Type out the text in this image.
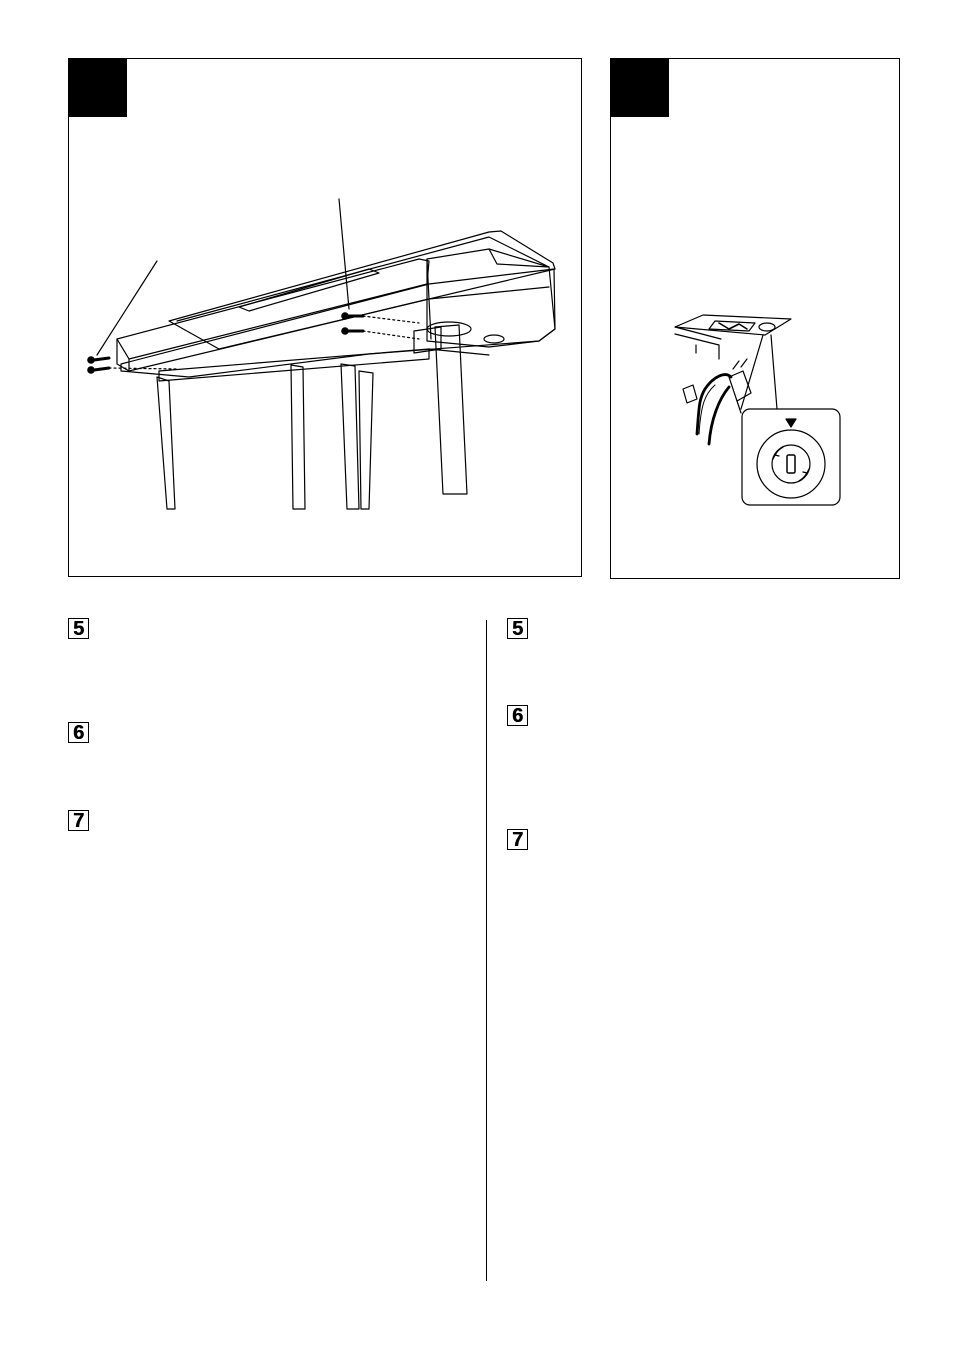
5
6
7
5
6
7
